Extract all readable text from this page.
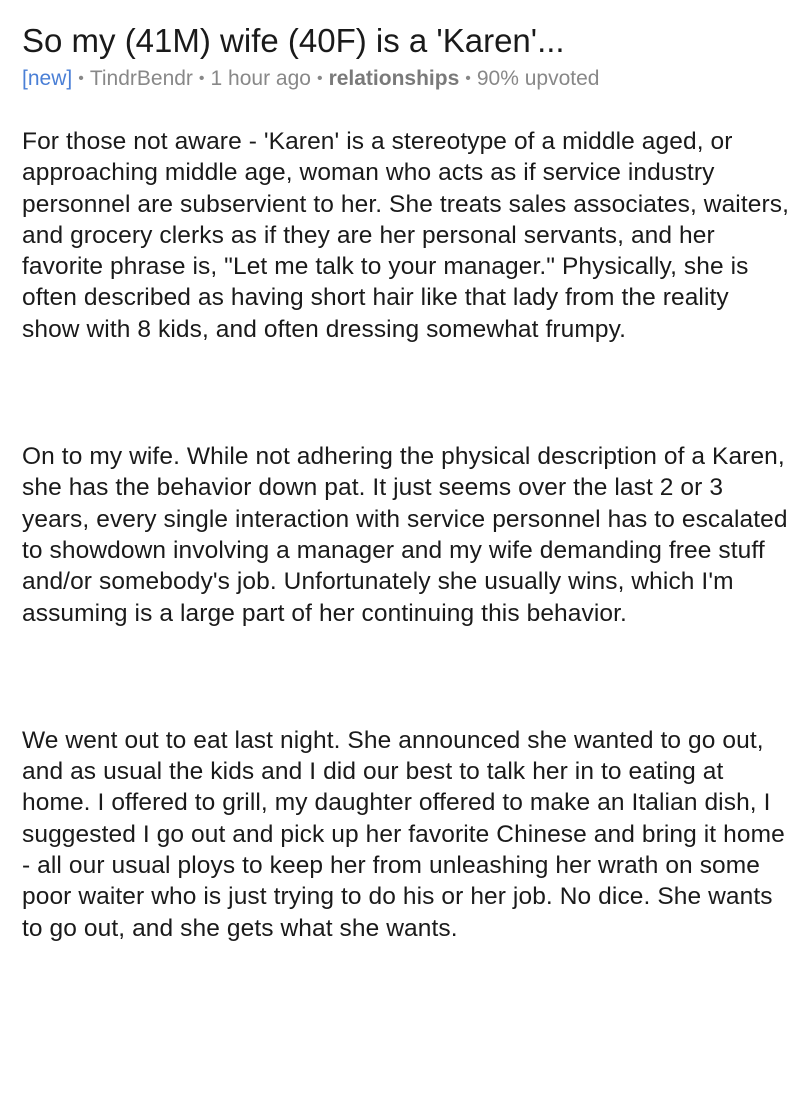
So my (41M) wife (40F) is a 'Karen'...
[new] • TindrBendr • 1 hour ago • relationships • 90% upvoted

For those not aware - 'Karen' is a stereotype of a middle aged, or approaching middle age, woman who acts as if service industry personnel are subservient to her. She treats sales associates, waiters, and grocery clerks as if they are her personal servants, and her favorite phrase is, "Let me talk to your manager." Physically, she is often described as having short hair like that lady from the reality show with 8 kids, and often dressing somewhat frumpy.

On to my wife. While not adhering the physical description of a Karen, she has the behavior down pat. It just seems over the last 2 or 3 years, every single interaction with service personnel has to escalated to showdown involving a manager and my wife demanding free stuff and/or somebody's job. Unfortunately she usually wins, which I'm assuming is a large part of her continuing this behavior.

We went out to eat last night. She announced she wanted to go out, and as usual the kids and I did our best to talk her in to eating at home. I offered to grill, my daughter offered to make an Italian dish, I suggested I go out and pick up her favorite Chinese and bring it home - all our usual ploys to keep her from unleashing her wrath on some poor waiter who is just trying to do his or her job. No dice. She wants to go out, and she gets what she wants.
